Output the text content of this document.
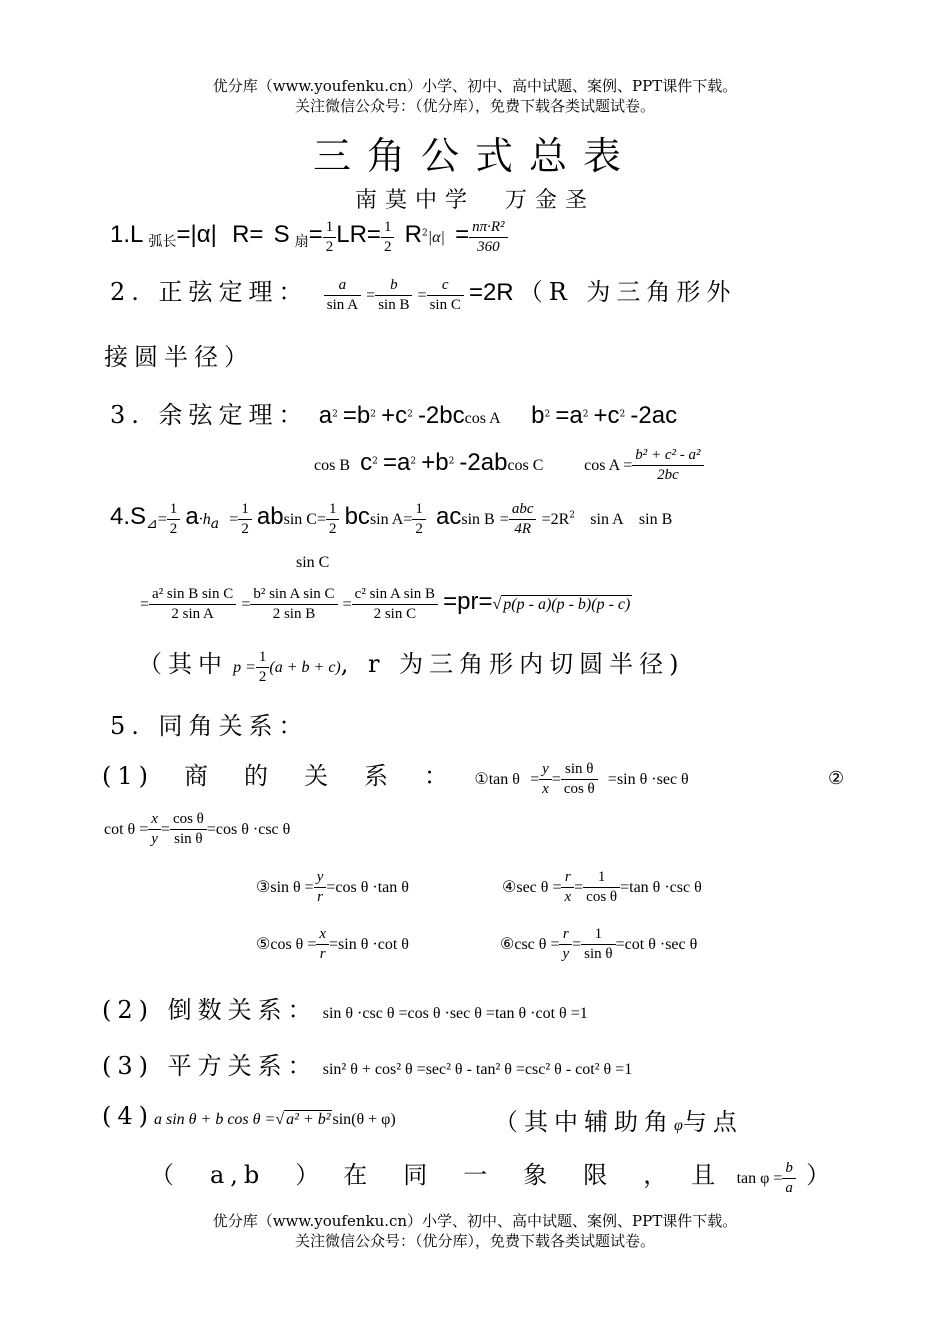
优分库（www.youfenku.cn）小学、初中、高中试题、案例、PPT课件下载。
关注微信公众号：（优分库），免费下载各类试题试卷。
三角公式总表
南莫中学　万金圣
1.L $_{弧长}$=|α| R= S $_扇= \frac{1}{2} LR= \frac{1}{2} R^2|\alpha| = \frac{\text{nπ·R²}}{360}$
2. 正弦定理： $\frac{a}{\text{sin A}} = \frac{b}{\text{sin B}} = \frac{c}{\text{sin C}} =2R$ （R 为三角形外
接圆半径）
3. 余弦定理： $a^2 =b^2 +c^2$ -2bccos A $b^2 =a^2 +c^2$ -2ac
cos B $c^2 =a^2 +b^2$ -2abcos C	$\cos A = \frac{\text{b² + c² - a²}}{2bc}$
$4.S_⊿= \frac{1}{2} a\cdot h_a = \frac{1}{2}$ absin $C= \frac{1}{2}$ bcsin $A= \frac{1}{2}$ acsin $B = \frac{\text{abc}}{4R} =2R^2$ sin A sin B
sin C
= $\frac{\text{a² sin B sin C}}{\text{2 sin A}} = \frac{\text{b² sin A sin C}}{\text{2 sin B}} = \frac{\text{c² sin A sin B}}{\text{2 sin C}} =pr=√$ p(p - a)(p - b)(p - c)
（其中 $p = \frac{1}{2} (a + b + c)$, r 为三角形内切圆半径)
5. 同角关系：
(1)　商　的　关　系　： ①tan $\theta = \frac{y}{x} = \frac{\text{sin θ}}{\text{cos θ}} =\sin$ θ ·sec θ	②
$\cot \theta = \frac{x}{y} = \frac{\text{cos θ}}{\text{sin θ}} =\cos$ θ ·csc θ
③sin $\theta = \frac{y}{r} =\cos$ θ ·tan θ	④sec $\theta = \frac{r}{x} = \frac{1}{\text{cos θ}} =\tan$ θ ·csc θ
⑤cos $\theta = \frac{x}{r} =\sin$ θ ·cot θ	⑥csc $\theta = \frac{r}{y} = \frac{1}{\text{sin θ}} =\cot$ θ ·sec θ
(2) 倒数关系： sin θ ·csc θ =cos θ ·sec θ =tan θ ·cot θ =1
(3) 平方关系： sin² θ + cos² θ =sec² θ - tan² θ =csc² θ - cot² θ =1
(4)a sin θ + b cos θ =√ a² + b² sin(θ + φ)	（其中辅助角φ与点
（　a,b　）　在　同　一　象　限　，　且 $\tan \varphi = \frac{b}{a}$ ）
优分库（www.youfenku.cn）小学、初中、高中试题、案例、PPT课件下载。
关注微信公众号：（优分库），免费下载各类试题试卷。
